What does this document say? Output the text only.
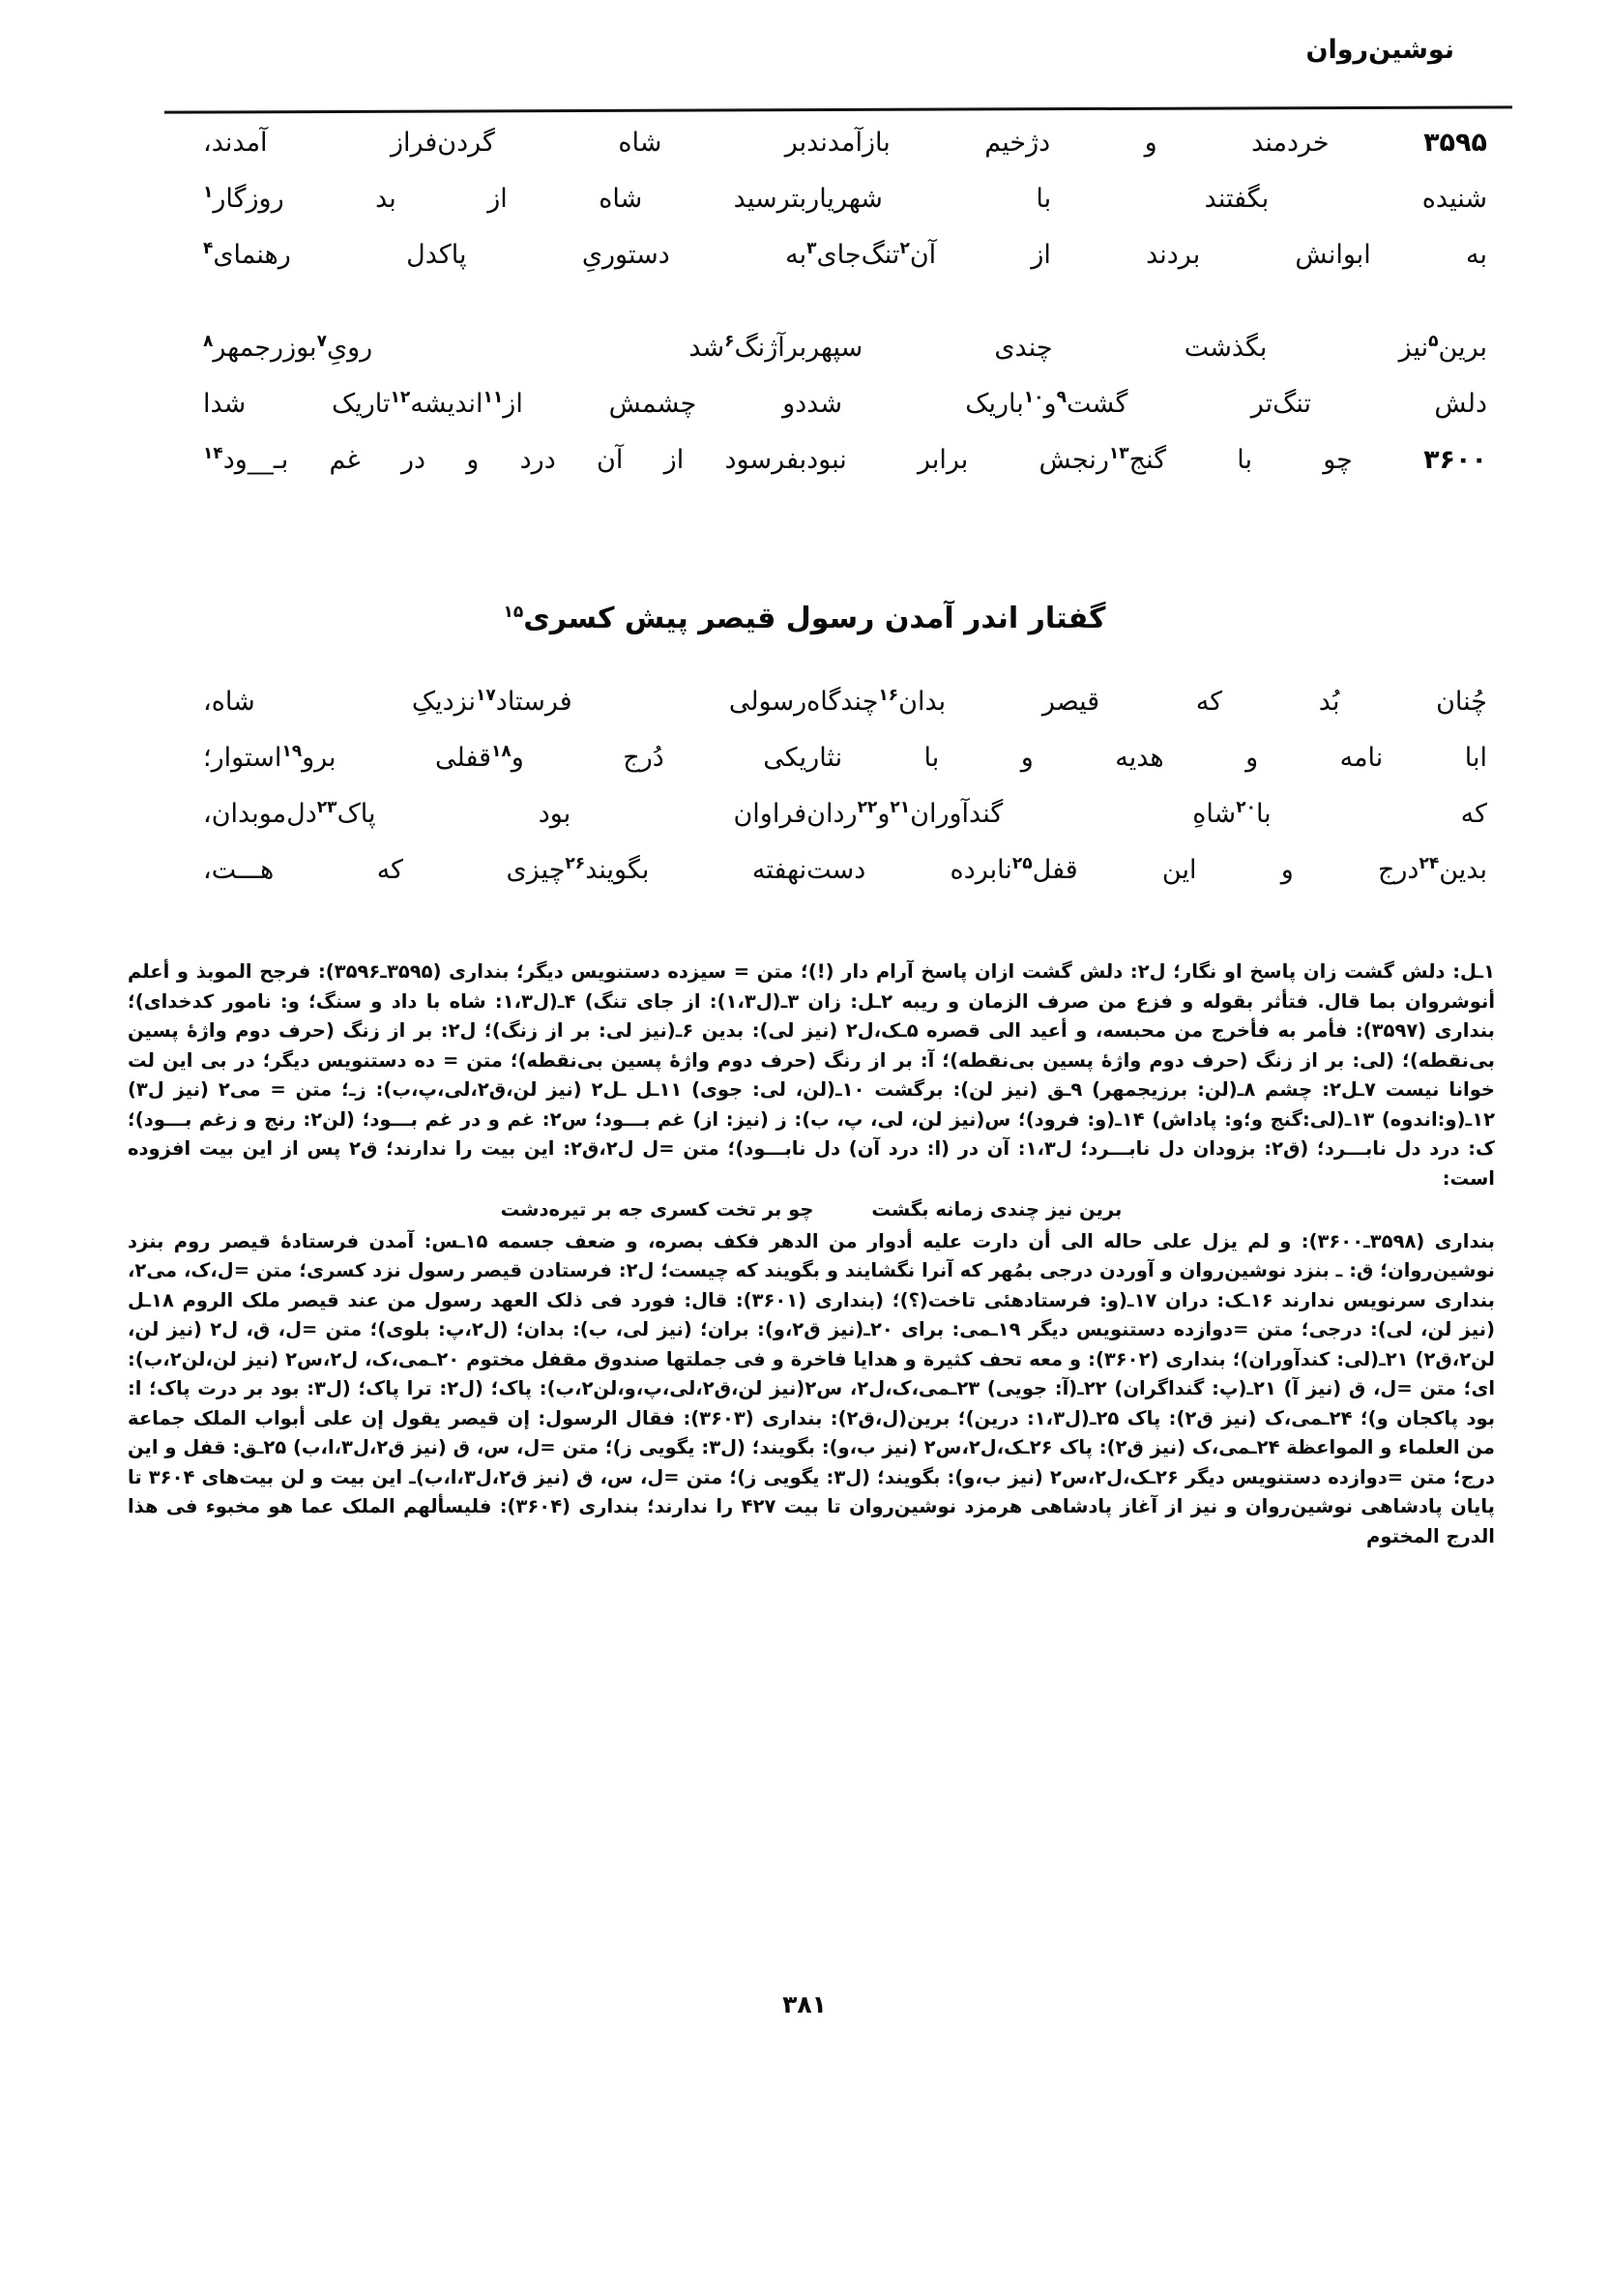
نوشین‌روان
۳۵۹۵ خردمند و دژخیم بازآمدند
بر شاه گردن‌فراز آمدند،
شنیده بگفتند با شهریار
بترسید شاه از بد روزگار$^۱$
به ابوانش بردند از آن$^۲$تنگ‌جای$^۳$
به دستوریِ پاکدل رهنمای$^۴$
برین$^۵$نیز بگذشت چندی سپهر
برآژنگ$^۶$شد رویِ$^۷$بوزرجمهر$^۸$
دلش تنگ‌تر گشت$^۹$و$^{۱۰}$باریک شد
دو چشمش از$^{۱۱}$اندیشه$^{۱۲}$تاریک شدا
۳۶۰۰ چو با گنج$^{۱۳}$رنجش برابر نبود
بفرسود از آن درد و در غم بـ__ود$^{۱۴}$
گفتار اندر آمدن رسول قیصر پیش کسری$^{۱۵}$
چُنان بُد که قیصر بدان$^{۱۶}$چندگاه
رسولی فرستاد$^{۱۷}$نزدیکِ شاه،
ابا نامه و هدیه و با نثار
یکی دُرج و$^{۱۸}$قفلی برو$^{۱۹}$استوار؛
که با$^{۲۰}$شاهِ گندآوران$^{۲۱}$و$^{۲۲}$ردان
فراوان بود پاک$^{۲۳}$دل‌موبدان،
بدین$^{۲۴}$درج و این قفل$^{۲۵}$نابرده دست
نهفته بگویند$^{۲۶}$چیزی که هـــت،

۱ـل: دلش گشت زان پاسخ او نگار؛ ل۲: دلش گشت ازان پاسخ آرام دار (!)؛ متن = سیزده دستنویس دیگر؛ بنداری (۳۵۹۵ـ۳۵۹۶): فرجح الموبذ و أعلم أنوشروان بما قال. فتأثر بقوله و فزع من صرف الزمان و ریبه ۲ـل: زان ۳ـ(ل۱،۳): از جای تنگ) ۴ـ(ل۱،۳: شاه با داد و سنگ؛ و: نامور کدخدای)؛ بنداری (۳۵۹۷): فأمر به فأخرج من محبسه، و أعید الی قصره ۵ـک،ل۲ (نیز لی): بدین ۶ـ(نیز لی: بر از زنگ)؛ ل۲: بر از زنگ (حرف دوم واژهٔ پسین بی‌نقطه)؛ (لی: بر از زنگ (حرف دوم واژهٔ پسین بی‌نقطه)؛ آ: بر از رنگ (حرف دوم واژهٔ پسین بی‌نقطه)؛ متن = ده دستنویس دیگر؛ در بی این لت خوانا نیست ۷ـل۲: چشم ۸ـ(لن: برزیجمهر) ۹ـق (نیز لن): برگشت ۱۰ـ(لن، لی: جوی) ۱۱ـل ـل۲ (نیز لن،ق۲،لی،پ،ب): زـ؛ متن = می۲ (نیز ل۳) ۱۲ـ(و:اندوه) ۱۳ـ(لی:گنج و؛و: پاداش) ۱۴ـ(و: فرود)؛ س(نیز لن، لی، پ، ب): ز (نیز: از) غم بـــود؛ س۲: غم و در غم بـــود؛ (لن۲: رنج و زغم بـــود)؛ ک: درد دل نابـــرد؛ (ق۲: بزودان دل نابـــرد؛ ل۱،۳: آن در (ا: درد آن) دل نابـــود)؛ متن =ل ل۲،ق۲: این بیت را ندارند؛ ق۲ پس از این بیت افزوده است:

برین نیز چندی زمانه بگشت
چو بر تخت کسری جه بر تیره‌دشت

بنداری (۳۵۹۸ـ۳۶۰۰): و لم یزل علی حاله الی أن دارت علیه أدوار من الدهر فکف بصره، و ضعف جسمه ۱۵ـس: آمدن فرستادهٔ قیصر روم بنزد نوشین‌روان؛ ق: ـ بنزد نوشین‌روان و آوردن درجی بمُهر که آنرا نگشایند و بگویند که چیست؛ ل۲: فرستادن قیصر رسول نزد کسری؛ متن =ل،ک، می۲، بنداری سرنویس ندارند ۱۶ـک: دران ۱۷ـ(و: فرستادهئی تاخت(؟)؛ (بنداری (۳۶۰۱): قال: فورد فی ذلک العهد رسول من عند قیصر ملک الروم ۱۸ـل (نیز لن، لی): درجی؛ متن =دوازده دستنویس دیگر ۱۹ـمی: برای ۲۰ـ(نیز ق۲،و): بران؛ (نیز لی، ب): بدان؛ (ل۲،پ: بلوی)؛ متن =ل، ق، ل۲ (نیز لن، لن۲،ق۲) ۲۱ـ(لی: کندآوران)؛ بنداری (۳۶۰۲): و معه تحف کثیرة و هدایا فاخرة و فی جملتها صندوق مقفل مختوم ۲۰ـمی،ک، ل۲،س۲ (نیز لن،لن۲،ب): ای؛ متن =ل، ق (نیز آ) ۲۱ـ(پ: گنداگران) ۲۲ـ(آ: جویی) ۲۳ـمی،ک،ل۲، س۲(نیز لن،ق۲،لی،پ،و،لن۲،ب): پاک؛ (ل۲: ترا پاک؛ (ل۳: بود بر درت پاک؛ ا: بود پاکجان و)؛ ۲۴ـمی،ک (نیز ق۲): پاک ۲۵ـ(ل۱،۳: درین)؛ برین(ل،ق۲): بنداری (۳۶۰۳): فقال الرسول: إن قیصر یقول إن علی أبواب الملک جماعة من العلماء و المواعظة ۲۴ـمی،ک (نیز ق۲): پاک ۲۶ـک،ل۲،س۲ (نیز ب،و): بگویند؛ (ل۳: یگویی ز)؛ متن =ل، س، ق (نیز ق۲،ل۳،ا،ب) ۲۵ـق: قفل و این درج؛ متن =دوازده دستنویس دیگر ۲۶ـک،ل۲،س۲ (نیز ب،و): بگویند؛ (ل۳: یگویی ز)؛ متن =ل، س، ق (نیز ق۲،ل۳،ا،ب)ـ این بیت و لن بیت‌های ۳۶۰۴ تا پایان پادشاهی نوشین‌روان و نیز از آغاز پادشاهی هرمزد نوشین‌روان تا بیت ۴۲۷ را ندارند؛ بنداری (۳۶۰۴): فلیسألهم الملک عما هو مخبوء فی هذا الدرج المختوم

۳۸۱
